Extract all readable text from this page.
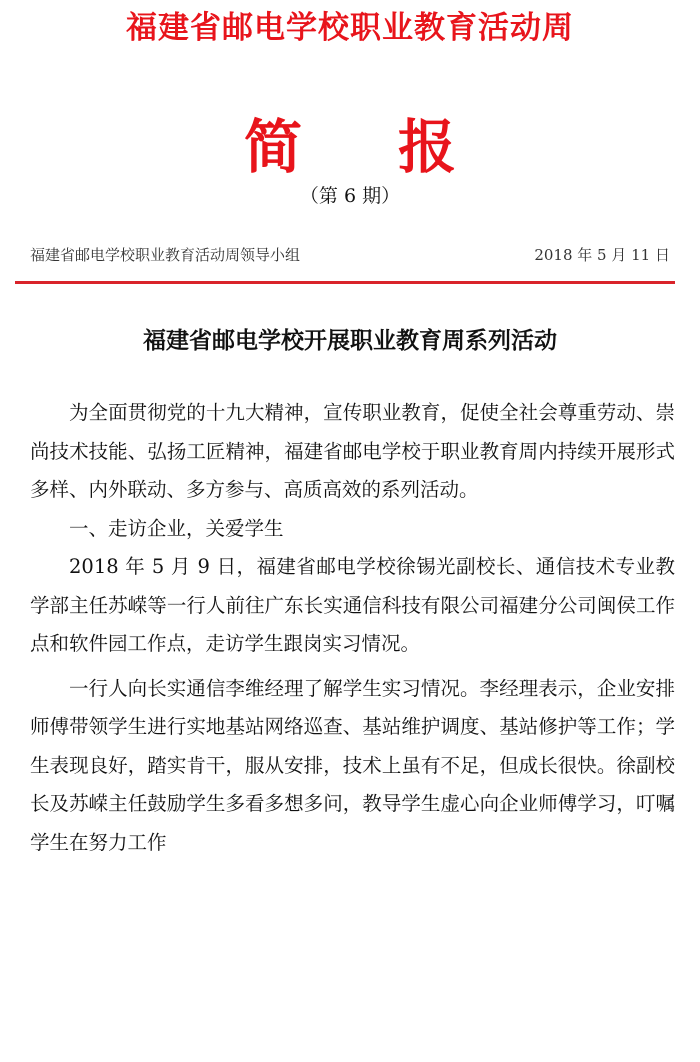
福建省邮电学校职业教育活动周
简报
（第 6 期）
福建省邮电学校职业教育活动周领导小组	2018 年 5 月 11 日
福建省邮电学校开展职业教育周系列活动

为全面贯彻党的十九大精神，宣传职业教育，促使全社会尊重劳动、崇尚技术技能、弘扬工匠精神，福建省邮电学校于职业教育周内持续开展形式多样、内外联动、多方参与、高质高效的系列活动。

一、走访企业，关爱学生

2018 年 5 月 9 日，福建省邮电学校徐锡光副校长、通信技术专业教学部主任苏嵘等一行人前往广东长实通信科技有限公司福建分公司闽侯工作点和软件园工作点，走访学生跟岗实习情况。

一行人向长实通信李维经理了解学生实习情况。李经理表示，企业安排师傅带领学生进行实地基站网络巡查、基站维护调度、基站修护等工作；学生表现良好，踏实肯干，服从安排，技术上虽有不足，但成长很快。徐副校长及苏嵘主任鼓励学生多看多想多问，教导学生虚心向企业师傅学习，叮嘱学生在努力工作
